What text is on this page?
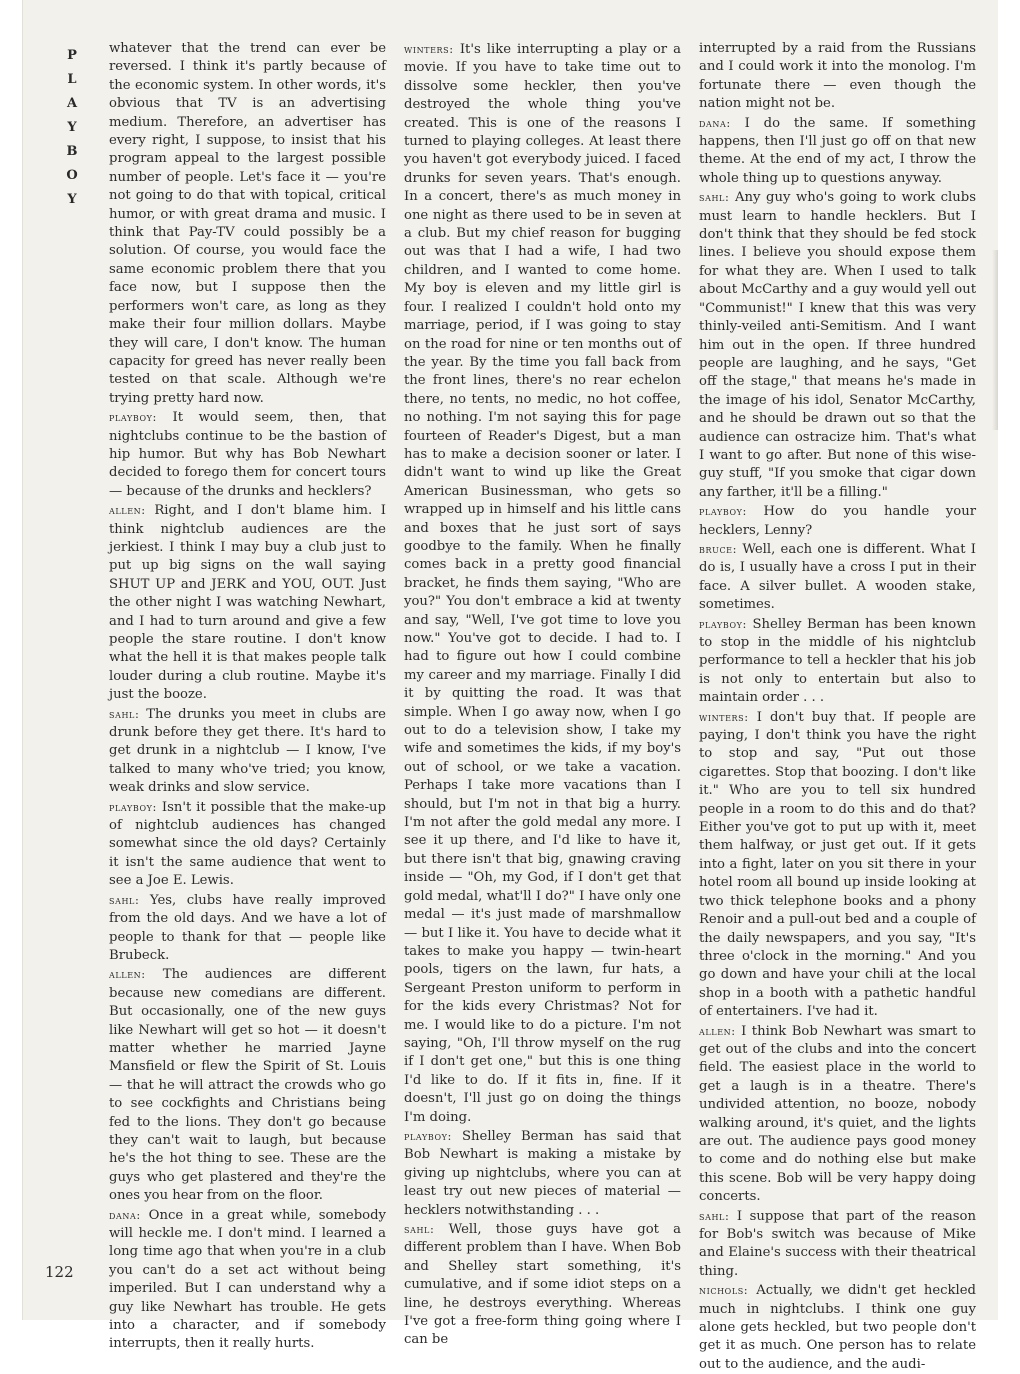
P
L
A
Y
B
O
Y
122

whatever that the trend can ever be reversed. I think it's partly because of the economic system. In other words, it's obvious that TV is an advertising medium. Therefore, an advertiser has every right, I suppose, to insist that his program appeal to the largest possible number of people. Let's face it — you're not going to do that with topical, critical humor, or with great drama and music. I think that Pay-TV could possibly be a solution. Of course, you would face the same economic problem there that you face now, but I suppose then the performers won't care, as long as they make their four million dollars. Maybe they will care, I don't know. The human capacity for greed has never really been tested on that scale. Although we're trying pretty hard now.

playboy: It would seem, then, that nightclubs continue to be the bastion of hip humor. But why has Bob Newhart decided to forego them for concert tours — because of the drunks and hecklers?

allen: Right, and I don't blame him. I think nightclub audiences are the jerkiest. I think I may buy a club just to put up big signs on the wall saying SHUT UP and JERK and YOU, OUT. Just the other night I was watching Newhart, and I had to turn around and give a few people the stare routine. I don't know what the hell it is that makes people talk louder during a club routine. Maybe it's just the booze.

sahl: The drunks you meet in clubs are drunk before they get there. It's hard to get drunk in a nightclub — I know, I've talked to many who've tried; you know, weak drinks and slow service.

playboy: Isn't it possible that the make-up of nightclub audiences has changed somewhat since the old days? Certainly it isn't the same audience that went to see a Joe E. Lewis.

sahl: Yes, clubs have really improved from the old days. And we have a lot of people to thank for that — people like Brubeck.

allen: The audiences are different because new comedians are different. But occasionally, one of the new guys like Newhart will get so hot — it doesn't matter whether he married Jayne Mansfield or flew the Spirit of St. Louis — that he will attract the crowds who go to see cockfights and Christians being fed to the lions. They don't go because they can't wait to laugh, but because he's the hot thing to see. These are the guys who get plastered and they're the ones you hear from on the floor.

dana: Once in a great while, somebody will heckle me. I don't mind. I learned a long time ago that when you're in a club you can't do a set act without being imperiled. But I can understand why a guy like Newhart has trouble. He gets into a character, and if somebody interrupts, then it really hurts.

winters: It's like interrupting a play or a movie. If you have to take time out to dissolve some heckler, then you've destroyed the whole thing you've created. This is one of the reasons I turned to playing colleges. At least there you haven't got everybody juiced. I faced drunks for seven years. That's enough. In a concert, there's as much money in one night as there used to be in seven at a club. But my chief reason for bugging out was that I had a wife, I had two children, and I wanted to come home. My boy is eleven and my little girl is four. I realized I couldn't hold onto my marriage, period, if I was going to stay on the road for nine or ten months out of the year. By the time you fall back from the front lines, there's no rear echelon there, no tents, no medic, no hot coffee, no nothing. I'm not saying this for page fourteen of Reader's Digest, but a man has to make a decision sooner or later. I didn't want to wind up like the Great American Businessman, who gets so wrapped up in himself and his little cans and boxes that he just sort of says goodbye to the family. When he finally comes back in a pretty good financial bracket, he finds them saying, "Who are you?" You don't embrace a kid at twenty and say, "Well, I've got time to love you now." You've got to decide. I had to. I had to figure out how I could combine my career and my marriage. Finally I did it by quitting the road. It was that simple. When I go away now, when I go out to do a television show, I take my wife and sometimes the kids, if my boy's out of school, or we take a vacation. Perhaps I take more vacations than I should, but I'm not in that big a hurry. I'm not after the gold medal any more. I see it up there, and I'd like to have it, but there isn't that big, gnawing craving inside — "Oh, my God, if I don't get that gold medal, what'll I do?" I have only one medal — it's just made of marshmallow — but I like it. You have to decide what it takes to make you happy — twin-heart pools, tigers on the lawn, fur hats, a Sergeant Preston uniform to perform in for the kids every Christmas? Not for me. I would like to do a picture. I'm not saying, "Oh, I'll throw myself on the rug if I don't get one," but this is one thing I'd like to do. If it fits in, fine. If it doesn't, I'll just go on doing the things I'm doing.

playboy: Shelley Berman has said that Bob Newhart is making a mistake by giving up nightclubs, where you can at least try out new pieces of material — hecklers notwithstanding . . .

sahl: Well, those guys have got a different problem than I have. When Bob and Shelley start something, it's cumulative, and if some idiot steps on a line, he destroys everything. Whereas I've got a free-form thing going where I can be

interrupted by a raid from the Russians and I could work it into the monolog. I'm fortunate there — even though the nation might not be.

dana: I do the same. If something happens, then I'll just go off on that new theme. At the end of my act, I throw the whole thing up to questions anyway.

sahl: Any guy who's going to work clubs must learn to handle hecklers. But I don't think that they should be fed stock lines. I believe you should expose them for what they are. When I used to talk about McCarthy and a guy would yell out "Communist!" I knew that this was very thinly-veiled anti-Semitism. And I want him out in the open. If three hundred people are laughing, and he says, "Get off the stage," that means he's made in the image of his idol, Senator McCarthy, and he should be drawn out so that the audience can ostracize him. That's what I want to go after. But none of this wise-guy stuff, "If you smoke that cigar down any farther, it'll be a filling."

playboy: How do you handle your hecklers, Lenny?

bruce: Well, each one is different. What I do is, I usually have a cross I put in their face. A silver bullet. A wooden stake, sometimes.

playboy: Shelley Berman has been known to stop in the middle of his nightclub performance to tell a heckler that his job is not only to entertain but also to maintain order . . .

winters: I don't buy that. If people are paying, I don't think you have the right to stop and say, "Put out those cigarettes. Stop that boozing. I don't like it." Who are you to tell six hundred people in a room to do this and do that? Either you've got to put up with it, meet them halfway, or just get out. If it gets into a fight, later on you sit there in your hotel room all bound up inside looking at two thick telephone books and a phony Renoir and a pull-out bed and a couple of the daily newspapers, and you say, "It's three o'clock in the morning." And you go down and have your chili at the local shop in a booth with a pathetic handful of entertainers. I've had it.

allen: I think Bob Newhart was smart to get out of the clubs and into the concert field. The easiest place in the world to get a laugh is in a theatre. There's undivided attention, no booze, nobody walking around, it's quiet, and the lights are out. The audience pays good money to come and do nothing else but make this scene. Bob will be very happy doing concerts.

sahl: I suppose that part of the reason for Bob's switch was because of Mike and Elaine's success with their theatrical thing.

nichols: Actually, we didn't get heckled much in nightclubs. I think one guy alone gets heckled, but two people don't get it as much. One person has to relate out to the audience, and the audi-
